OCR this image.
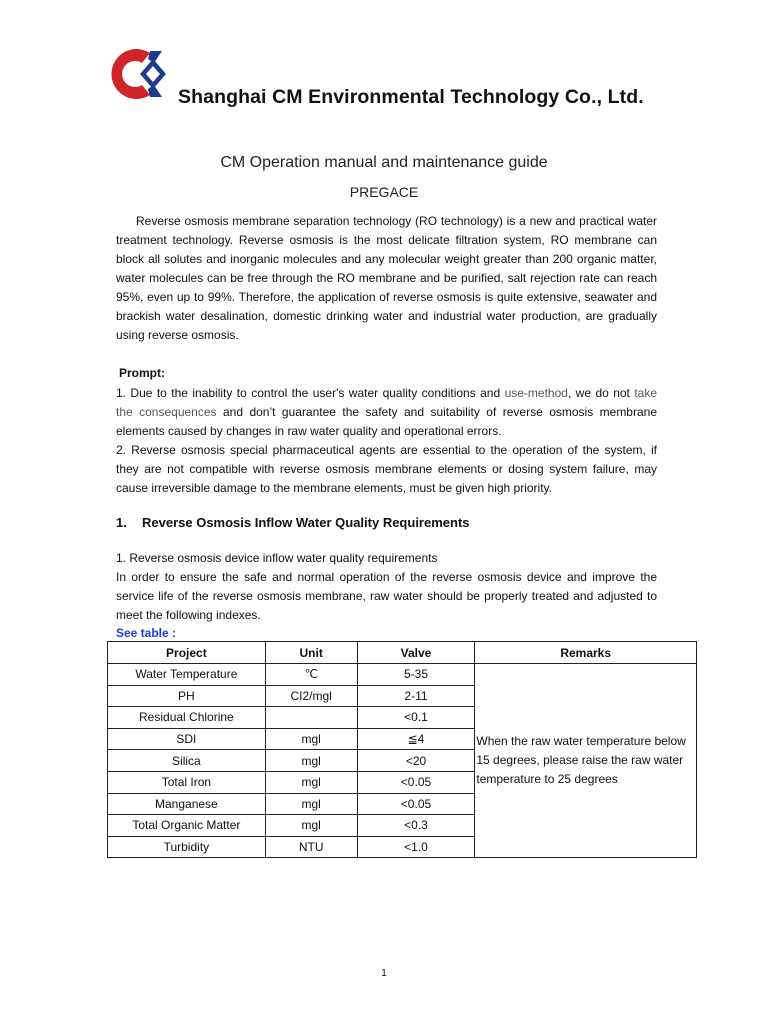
Shanghai CM Environmental Technology Co., Ltd.
CM Operation manual and maintenance guide
PREGACE
Reverse osmosis membrane separation technology (RO technology) is a new and practical water treatment technology. Reverse osmosis is the most delicate filtration system, RO membrane can block all solutes and inorganic molecules and any molecular weight greater than 200 organic matter, water molecules can be free through the RO membrane and be purified, salt rejection rate can reach 95%, even up to 99%. Therefore, the application of reverse osmosis is quite extensive, seawater and brackish water desalination, domestic drinking water and industrial water production, are gradually using reverse osmosis.
Prompt:
1. Due to the inability to control the user's water quality conditions and use-method, we do not take the consequences and don’t guarantee the safety and suitability of reverse osmosis membrane elements caused by changes in raw water quality and operational errors.
2. Reverse osmosis special pharmaceutical agents are essential to the operation of the system, if they are not compatible with reverse osmosis membrane elements or dosing system failure, may cause irreversible damage to the membrane elements, must be given high priority.
1. Reverse Osmosis Inflow Water Quality Requirements
1. Reverse osmosis device inflow water quality requirements
In order to ensure the safe and normal operation of the reverse osmosis device and improve the service life of the reverse osmosis membrane, raw water should be properly treated and adjusted to meet the following indexes.
See table :
Project	Unit	Valve	Remarks
Water Temperature	℃	5-35	When the raw water temperature below 15 degrees, please raise the raw water temperature to 25 degrees
PH	CI2/mgl	2-11	
Residual Chlorine		<0.1	
SDI	mgl	≦4	
Silica	mgl	<20	
Total Iron	mgl	<0.05	
Manganese	mgl	<0.05	
Total Organic Matter	mgl	<0.3	
Turbidity	NTU	<1.0	
1
